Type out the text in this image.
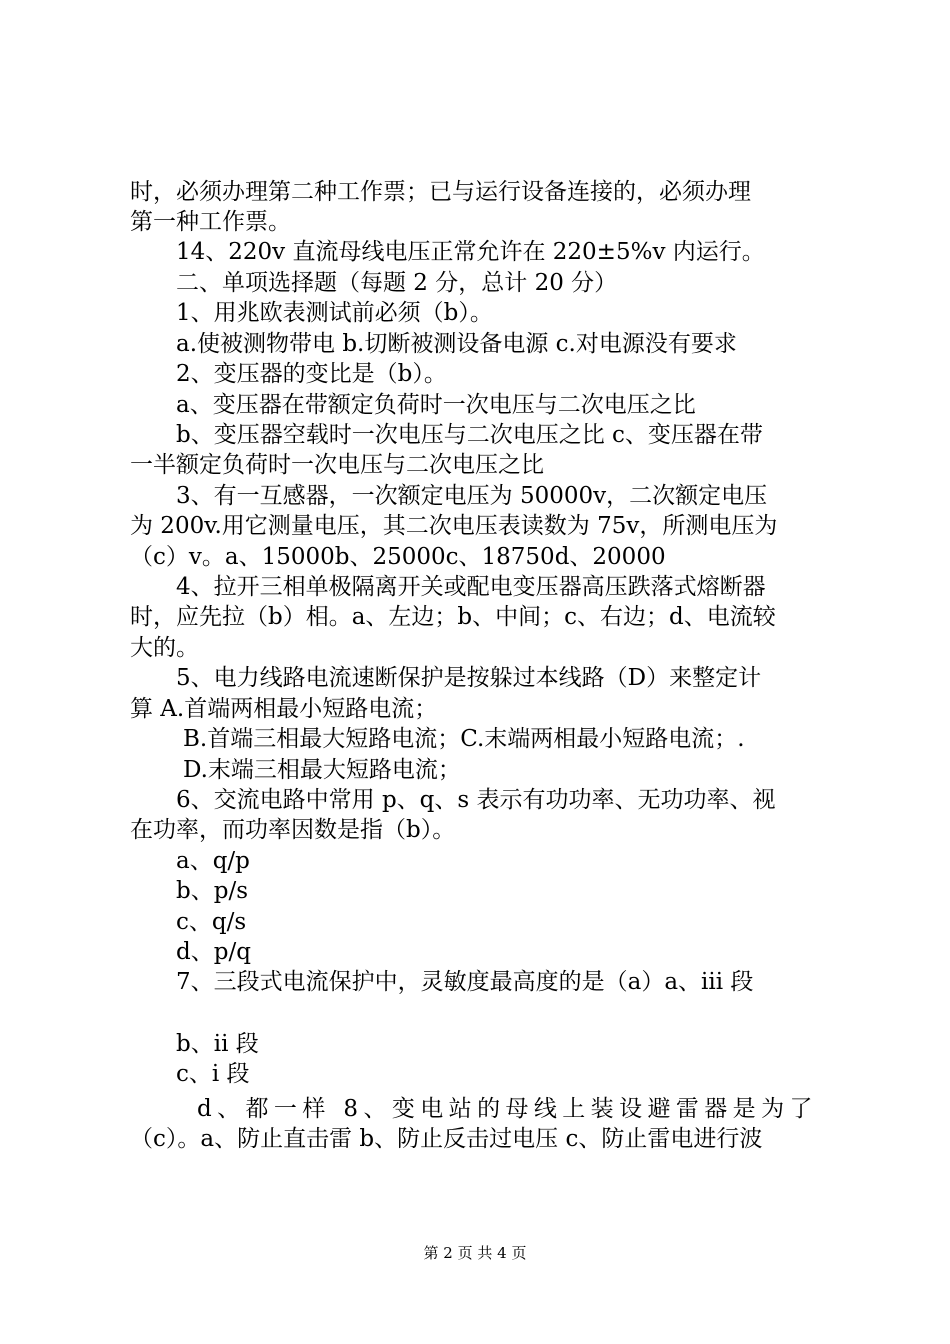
时，必须办理第二种工作票；已与运行设备连接的，必须办理
第一种工作票。
14、220v 直流母线电压正常允许在 220±5%v 内运行。
二、单项选择题（每题 2 分，总计 20 分）
1、用兆欧表测试前必须（b）。
a.使被测物带电 b.切断被测设备电源 c.对电源没有要求
2、变压器的变比是（b）。
a、变压器在带额定负荷时一次电压与二次电压之比
b、变压器空载时一次电压与二次电压之比 c、变压器在带
一半额定负荷时一次电压与二次电压之比
3、有一互感器，一次额定电压为 50000v，二次额定电压
为 200v.用它测量电压，其二次电压表读数为 75v，所测电压为
（c）v。a、15000b、25000c、18750d、20000
4、拉开三相单极隔离开关或配电变压器高压跌落式熔断器
时，应先拉（b）相。a、左边；b、中间；c、右边；d、电流较
大的。
5、电力线路电流速断保护是按躲过本线路（D）来整定计
算 A.首端两相最小短路电流；
B.首端三相最大短路电流；C.末端两相最小短路电流；.
D.末端三相最大短路电流；
6、交流电路中常用 p、q、s 表示有功功率、无功功率、视
在功率，而功率因数是指（b）。
a、q/p
b、p/s
c、q/s
d、p/q
7、三段式电流保护中，灵敏度最高度的是（a）a、iii 段
b、ii 段
c、i 段
d、都一样 8、变电站的母线上装设避雷器是为了
（c）。a、防止直击雷 b、防止反击过电压 c、防止雷电进行波
第 2 页 共 4 页
